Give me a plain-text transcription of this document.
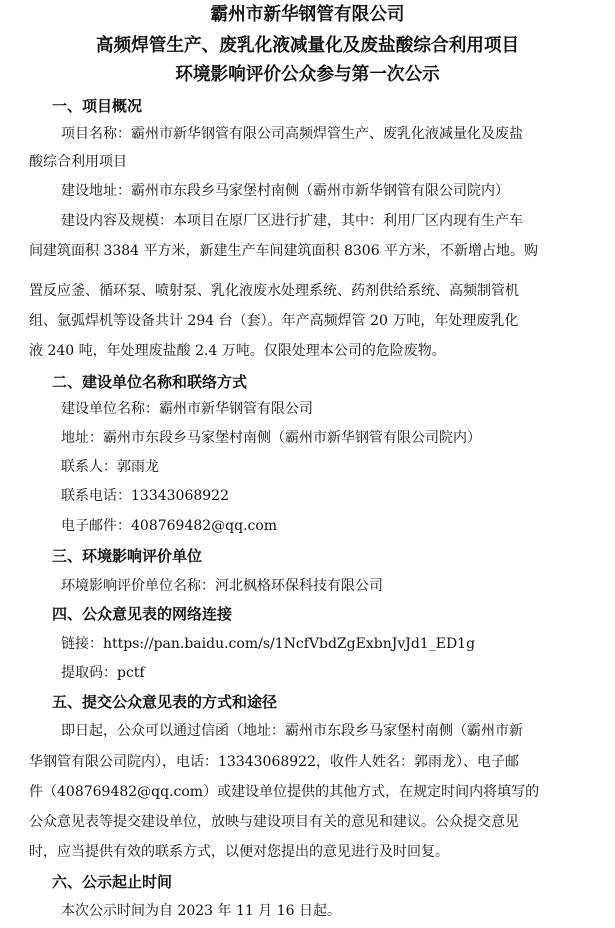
霸州市新华钢管有限公司
高频焊管生产、废乳化液减量化及废盐酸综合利用项目
环境影响评价公众参与第一次公示
一、项目概况
项目名称：霸州市新华钢管有限公司高频焊管生产、废乳化液减量化及废盐
酸综合利用项目
建设地址：霸州市东段乡马家堡村南侧（霸州市新华钢管有限公司院内）
建设内容及规模：本项目在原厂区进行扩建，其中：利用厂区内现有生产车
间建筑面积 3384 平方米，新建生产车间建筑面积 8306 平方米，不新增占地。购
置反应釜、循环泵、喷射泵、乳化液废水处理系统、药剂供给系统、高频制管机
组、氩弧焊机等设备共计 294 台（套）。年产高频焊管 20 万吨，年处理废乳化
液 240 吨，年处理废盐酸 2.4 万吨。仅限处理本公司的危险废物。
二、建设单位名称和联络方式
建设单位名称：霸州市新华钢管有限公司
地址：霸州市东段乡马家堡村南侧（霸州市新华钢管有限公司院内）
联系人：郭雨龙
联系电话：13343068922
电子邮件：408769482@qq.com
三、环境影响评价单位
环境影响评价单位名称：河北枫格环保科技有限公司
四、公众意见表的网络连接
链接：https://pan.baidu.com/s/1NcfVbdZgExbnJvJd1_ED1g
提取码：pctf
五、提交公众意见表的方式和途径
即日起，公众可以通过信函（地址：霸州市东段乡马家堡村南侧（霸州市新
华钢管有限公司院内），电话：13343068922，收件人姓名：郭雨龙）、电子邮
件（408769482@qq.com）或建设单位提供的其他方式，在规定时间内将填写的
公众意见表等提交建设单位，放映与建设项目有关的意见和建议。公众提交意见
时，应当提供有效的联系方式，以便对您提出的意见进行及时回复。
六、公示起止时间
本次公示时间为自 2023 年 11 月 16 日起。
